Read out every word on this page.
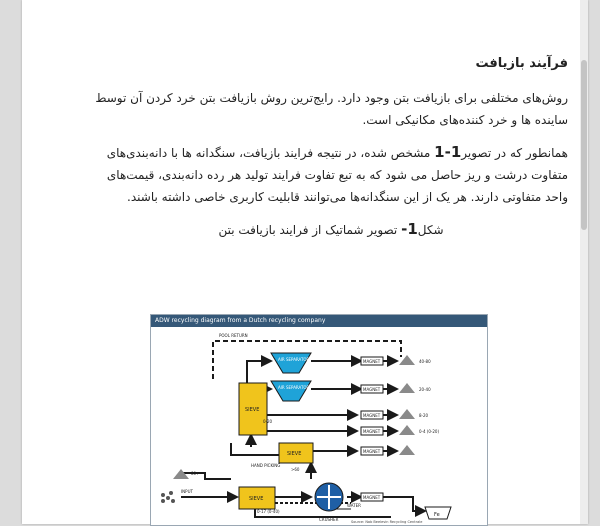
فرآیند بازیافت

روش‌های مختلفی برای بازیافت بتن وجود دارد. رایج‌ترین روش بازیافت بتن خرد کردن آن توسط ساینده ها و خرد کننده‌های مکانیکی است.

همانطور که در تصویر1-1 مشخص شده، در نتیجه فرایند بازیافت، سنگدانه ها با دانه‌بندی‌های متفاوت درشت و ریز حاصل می شود که به تبع تفاوت فرایند تولید هر رده دانه‌بندی، قیمت‌های واحد متفاوتی دارند. هر یک از این سنگدانه‌ها می‌توانند قابلیت کاربری خاصی داشته باشند.

شکل1- تصویر شماتیک از فرایند بازیافت بتن

ADW recycling diagram from a Dutch recycling company
SIEVE
SIEVE
SIEVE
AIR SEPARATOR
AIR SEPARATOR
MAGNET
MAGNET
MAGNET
MAGNET
MAGNET
MAGNET
CRUSHER
WATER
Fe
40-80
20-40
8-20
0-4 (0-20)
POOL RETURN
0-20
>60
80+
HAND PICKING
INPUT
0-17 (0-40)
Source: Nab Beelevin Recycling Centrale
